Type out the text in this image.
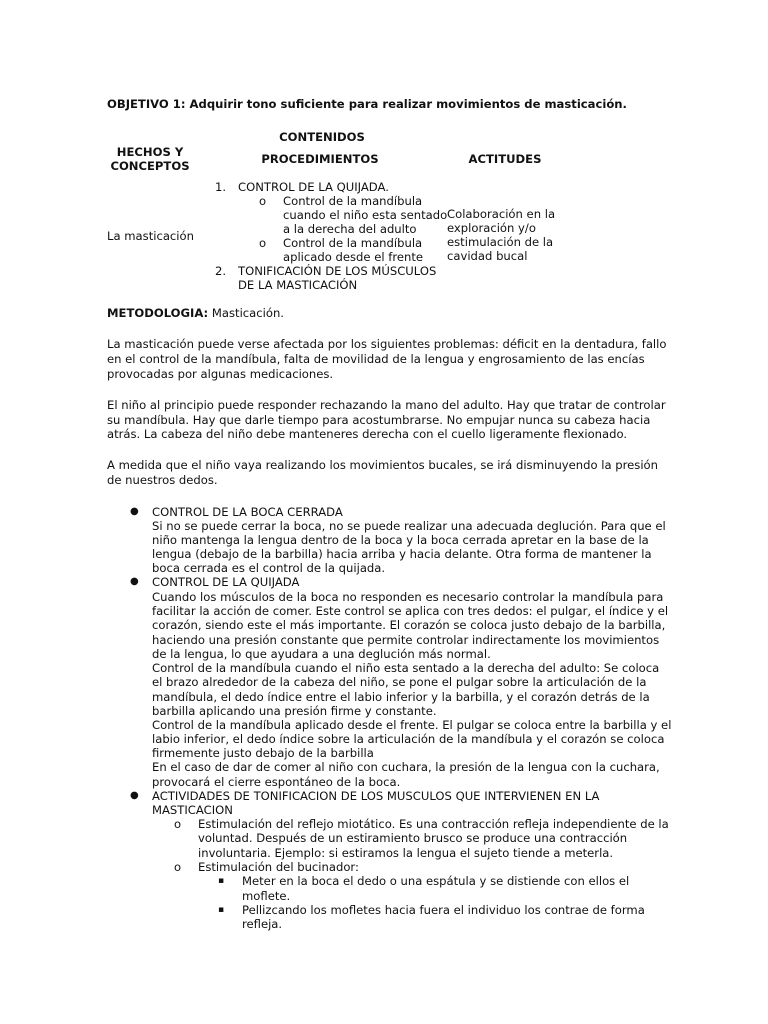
OBJETIVO 1: Adquirir tono suficiente para realizar movimientos de masticación.
CONTENIDOS
HECHOS Y
CONCEPTOS	PROCEDIMIENTOS	ACTITUDES
La masticación
1. CONTROL DE LA QUIJADA.
o Control de la mandíbula
cuando el niño esta sentado
a la derecha del adulto
o Control de la mandíbula
aplicado desde el frente
2. TONIFICACIÓN DE LOS MÚSCULOS
DE LA MASTICACIÓN
Colaboración en la
exploración y/o
estimulación de la
cavidad bucal
METODOLOGIA: Masticación.
La masticación puede verse afectada por los siguientes problemas: déficit en la dentadura, fallo
en el control de la mandíbula, falta de movilidad de la lengua y engrosamiento de las encías
provocadas por algunas medicaciones.
El niño al principio puede responder rechazando la mano del adulto. Hay que tratar de controlar
su mandíbula. Hay que darle tiempo para acostumbrarse. No empujar nunca su cabeza hacia
atrás. La cabeza del niño debe manteneres derecha con el cuello ligeramente flexionado.
A medida que el niño vaya realizando los movimientos bucales, se irá disminuyendo la presión
de nuestros dedos.
● CONTROL DE LA BOCA CERRADA
Si no se puede cerrar la boca, no se puede realizar una adecuada deglución. Para que el
niño mantenga la lengua dentro de la boca y la boca cerrada apretar en la base de la
lengua (debajo de la barbilla) hacia arriba y hacia delante. Otra forma de mantener la
boca cerrada es el control de la quijada.
● CONTROL DE LA QUIJADA
Cuando los músculos de la boca no responden es necesario controlar la mandíbula para
facilitar la acción de comer. Este control se aplica con tres dedos: el pulgar, el índice y el
corazón, siendo este el más importante. El corazón se coloca justo debajo de la barbilla,
haciendo una presión constante que permite controlar indirectamente los movimientos
de la lengua, lo que ayudara a una deglución más normal.
Control de la mandíbula cuando el niño esta sentado a la derecha del adulto: Se coloca
el brazo alrededor de la cabeza del niño, se pone el pulgar sobre la articulación de la
mandíbula, el dedo índice entre el labio inferior y la barbilla, y el corazón detrás de la
barbilla aplicando una presión firme y constante.
Control de la mandíbula aplicado desde el frente. El pulgar se coloca entre la barbilla y el
labio inferior, el dedo índice sobre la articulación de la mandíbula y el corazón se coloca
firmemente justo debajo de la barbilla
En el caso de dar de comer al niño con cuchara, la presión de la lengua con la cuchara,
provocará el cierre espontáneo de la boca.
● ACTIVIDADES DE TONIFICACION DE LOS MUSCULOS QUE INTERVIENEN EN LA
MASTICACION
o Estimulación del reflejo miotático. Es una contracción refleja independiente de la
voluntad. Después de un estiramiento brusco se produce una contracción
involuntaria. Ejemplo: si estiramos la lengua el sujeto tiende a meterla.
o Estimulación del bucinador:
▪ Meter en la boca el dedo o una espátula y se distiende con ellos el
moflete.
▪ Pellizcando los mofletes hacia fuera el individuo los contrae de forma
refleja.
